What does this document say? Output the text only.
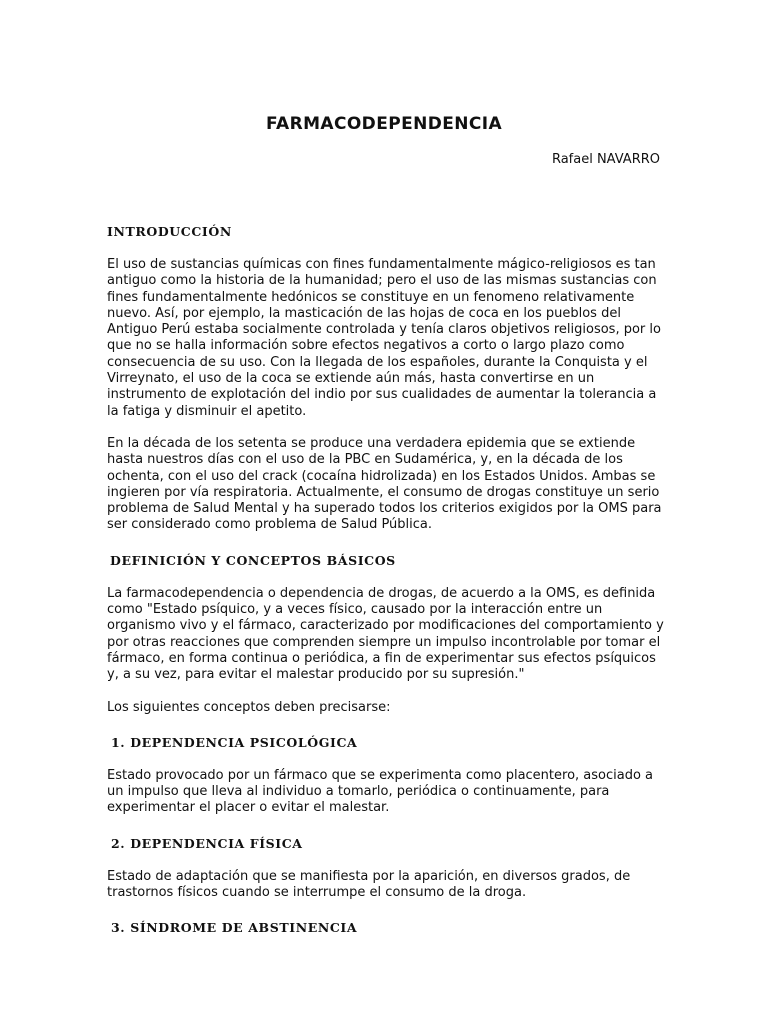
FARMACODEPENDENCIA

Rafael NAVARRO

INTRODUCCIÓN

El uso de sustancias químicas con fines fundamentalmente mágico-religiosos es tan antiguo como la historia de la humanidad; pero el uso de las mismas sustancias con fines fundamentalmente hedónicos se constituye en un fenomeno relativamente nuevo. Así, por ejemplo, la masticación de las hojas de coca en los pueblos del Antiguo Perú estaba socialmente controlada y tenía claros objetivos religiosos, por lo que no se halla información sobre efectos negativos a corto o largo plazo como consecuencia de su uso. Con la llegada de los españoles, durante la Conquista y el Virreynato, el uso de la coca se extiende aún más, hasta convertirse en un instrumento de explotación del indio por sus cualidades de aumentar la tolerancia a la fatiga y disminuir el apetito.

En la década de los setenta se produce una verdadera epidemia que se extiende hasta nuestros días con el uso de la PBC en Sudamérica, y, en la década de los ochenta, con el uso del crack (cocaína hidrolizada) en los Estados Unidos. Ambas se ingieren por vía respiratoria. Actualmente, el consumo de drogas constituye un serio problema de Salud Mental y ha superado todos los criterios exigidos por la OMS para ser considerado como problema de Salud Pública.

DEFINICIÓN Y CONCEPTOS BÁSICOS

La farmacodependencia o dependencia de drogas, de acuerdo a la OMS, es definida como "Estado psíquico, y a veces físico, causado por la interacción entre un organismo vivo y el fármaco, caracterizado por modificaciones del comportamiento y por otras reacciones que comprenden siempre un impulso incontrolable por tomar el fármaco, en forma continua o periódica, a fin de experimentar sus efectos psíquicos y, a su vez, para evitar el malestar producido por su supresión."

Los siguientes conceptos deben precisarse:

1. DEPENDENCIA PSICOLÓGICA

Estado provocado por un fármaco que se experimenta como placentero, asociado a un impulso que lleva al individuo a tomarlo, periódica o continuamente, para experimentar el placer o evitar el malestar.

2. DEPENDENCIA FÍSICA

Estado de adaptación que se manifiesta por la aparición, en diversos grados, de trastornos físicos cuando se interrumpe el consumo de la droga.

3. SÍNDROME DE ABSTINENCIA
